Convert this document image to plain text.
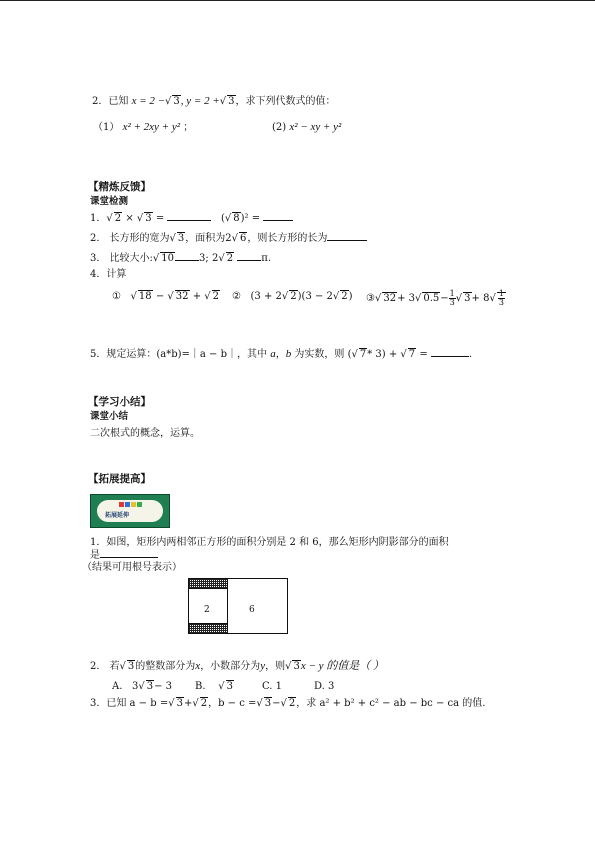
2．已知 x = 2 −√ 3, y = 2 +√ 3，求下列代数式的值：
（1） x² + 2xy + y² ；	(2) x² − xy + y²
【精炼反馈】
课堂检测
1．√ 2 × √ 3 =	(√ 8)² =
2． 长方形的宽为√ 3，面积为2√ 6，则长方形的长为
3． 比较大小:√ 10	3; 2√ 2	π.
4．计算
① √ 18 − √ 32 + √ 2 ② (3 + 2√ 2)(3 − 2√ 2) ③√ 32+ 3√ $0.5- \frac{1}{3}$ √ $3+ 8√ \frac{1}{3}$
5．规定运算：(a*b)=｜a − b｜，其中 a，b 为实数，则 (√ 7* 3) + √ 7 =	.
【学习小结】
课堂小结
二次根式的概念，运算。
【拓展提高】
拓展延伸
1．如图，矩形内两相邻正方形的面积分别是 2 和 6，那么矩形内阴影部分的面积
是
（结果可用根号表示）
2	6
2． 若√ 3的整数部分为x，小数部分为y，则√ 3x − y 的值是（ ）
A. 3√ 3− 3 B. √ 3	C. 1	D. 3
3．已知 a − b =√ 3+√ 2，b − c =√ 3−√ 2，求 a² + b² + c² − ab − bc − ca 的值.
